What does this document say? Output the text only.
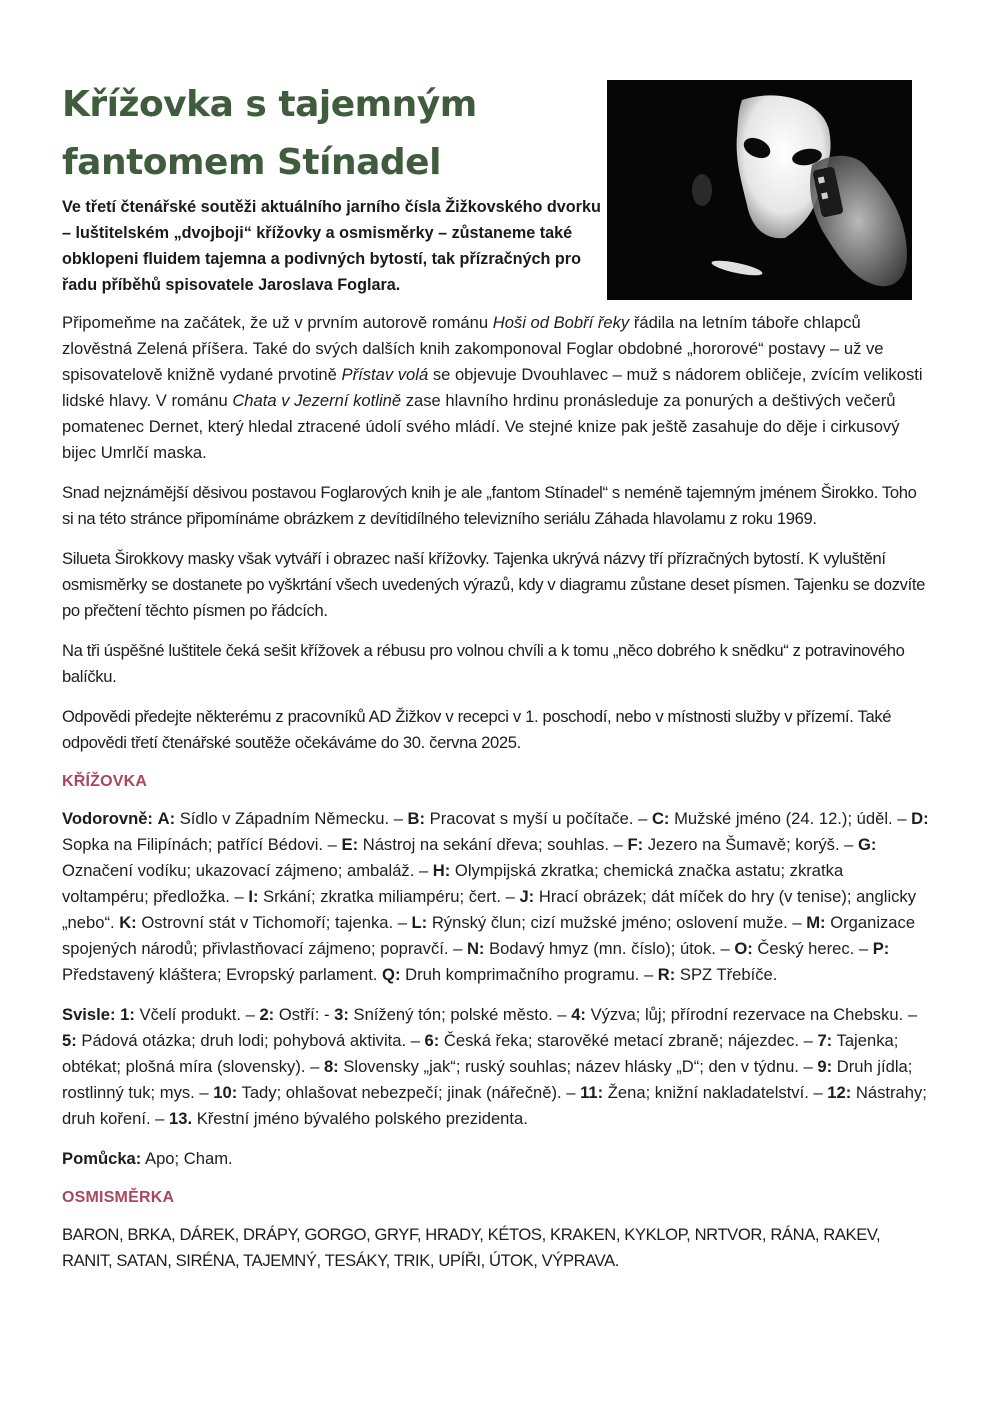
Křížovka s tajemným fantomem Stínadel

Ve třetí čtenářské soutěži aktuálního jarního čísla Žižkovského dvorku – luštitelském „dvojboji“ křížovky a osmisměrky – zůstaneme také obklopeni fluidem tajemna a podivných bytostí, tak přízračných pro řadu příběhů spisovatele Jaroslava Foglara.

Připomeňme na začátek, že už v prvním autorově románu Hoši od Bobří řeky řádila na letním táboře chlapců zlověstná Zelená příšera. Také do svých dalších knih zakomponoval Foglar obdobné „hororové“ postavy – už ve spisovatelově knižně vydané prvotině Přístav volá se objevuje Dvouhlavec – muž s nádorem obličeje, zvícím velikosti lidské hlavy. V románu Chata v Jezerní kotlině zase hlavního hrdinu pronásleduje za ponurých a deštivých večerů pomatenec Dernet, který hledal ztracené údolí svého mládí. Ve stejné knize pak ještě zasahuje do děje i cirkusový bijec Umrlčí maska.

Snad nejznámější děsivou postavou Foglarových knih je ale „fantom Stínadel“ s neméně tajemným jménem Širokko. Toho si na této stránce připomínáme obrázkem z devítidílného televizního seriálu Záhada hlavolamu z roku 1969.

Silueta Širokkovy masky však vytváří i obrazec naší křížovky. Tajenka ukrývá názvy tří přízračných bytostí. K vyluštění osmisměrky se dostanete po vyškrtání všech uvedených výrazů, kdy v diagramu zůstane deset písmen. Tajenku se dozvíte po přečtení těchto písmen po řádcích.

Na tři úspěšné luštitele čeká sešit křížovek a rébusu pro volnou chvíli a k tomu „něco dobrého k snědku“ z potravinového balíčku.

Odpovědi předejte některému z pracovníků AD Žižkov v recepci v 1. poschodí, nebo v místnosti služby v přízemí. Také odpovědi třetí čtenářské soutěže očekáváme do 30. června 2025.

KŘÍŽOVKA

Vodorovně: A: Sídlo v Západním Německu. – B: Pracovat s myší u počítače. – C: Mužské jméno (24. 12.); úděl. – D: Sopka na Filipínách; patřící Bédovi. – E: Nástroj na sekání dřeva; souhlas. – F: Jezero na Šumavě; korýš. – G: Označení vodíku; ukazovací zájmeno; ambaláž. – H: Olympijská zkratka; chemická značka astatu; zkratka voltampéru; předložka. – I: Srkání; zkratka miliampéru; čert. – J: Hrací obrázek; dát míček do hry (v tenise); anglicky „nebo“. K: Ostrovní stát v Tichomoří; tajenka. – L: Rýnský člun; cizí mužské jméno; oslovení muže. – M: Organizace spojených národů; přivlastňovací zájmeno; popravčí. – N: Bodavý hmyz (mn. číslo); útok. – O: Český herec. – P: Představený kláštera; Evropský parlament. Q: Druh komprimačního programu. – R: SPZ Třebíče.

Svisle: 1: Včelí produkt. – 2: Ostří: - 3: Snížený tón; polské město. – 4: Výzva; lůj; přírodní rezervace na Chebsku. – 5: Pádová otázka; druh lodi; pohybová aktivita. – 6: Česká řeka; starověké metací zbraně; nájezdec. – 7: Tajenka; obtékat; plošná míra (slovensky). – 8: Slovensky „jak“; ruský souhlas; název hlásky „D“; den v týdnu. – 9: Druh jídla; rostlinný tuk; mys. – 10: Tady; ohlašovat nebezpečí; jinak (nářečně). – 11: Žena; knižní nakladatelství. – 12: Nástrahy; druh koření. – 13. Křestní jméno bývalého polského prezidenta.

Pomůcka: Apo; Cham.

OSMISMĚRKA

BARON, BRKA, DÁREK, DRÁPY, GORGO, GRYF, HRADY, KÉTOS, KRAKEN, KYKLOP, NRTVOR, RÁNA, RAKEV, RANIT, SATAN, SIRÉNA, TAJEMNÝ, TESÁKY, TRIK, UPÍŘI, ÚTOK, VÝPRAVA.
